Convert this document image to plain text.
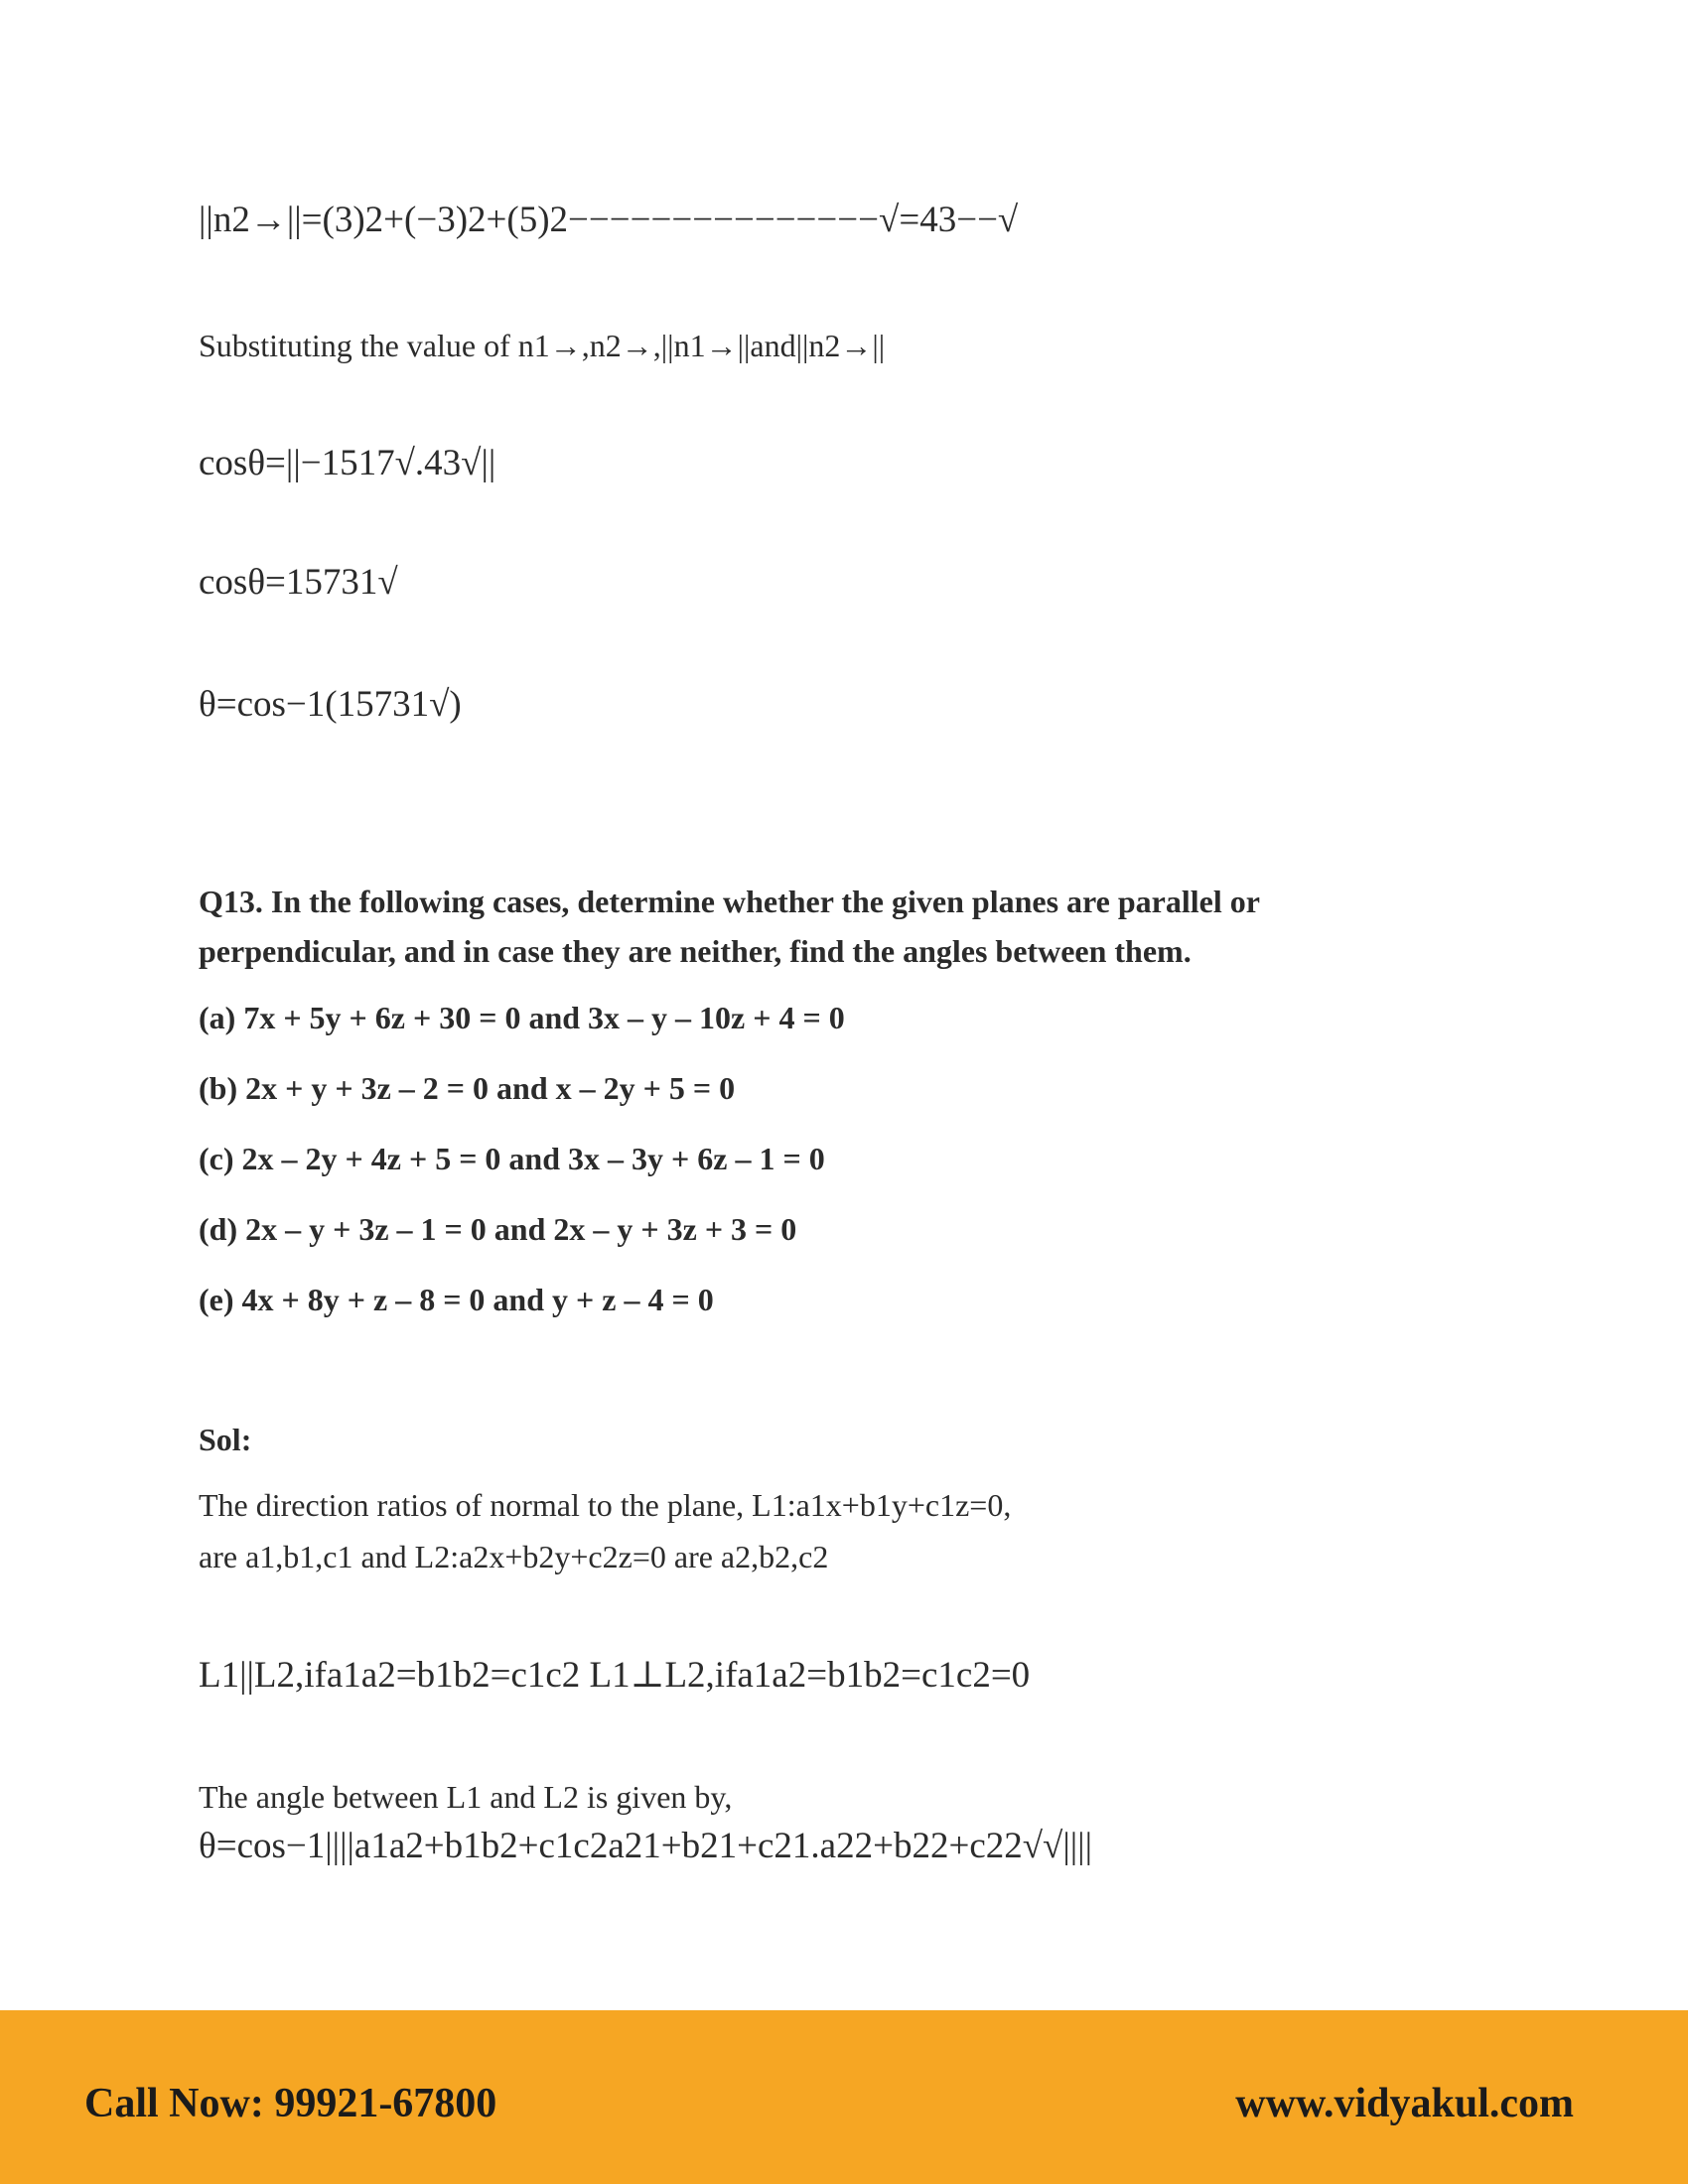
||n2→||=(3)2+(−3)2+(5)2−−−−−−−−−−−−−−−√=43−−√
Substituting the value of n1→,n2→,||n1→||and||n2→||
cosθ=||−1517√.43√||
cosθ=15731√
θ=cos−1(15731√)
Q13. In the following cases, determine whether the given planes are parallel or perpendicular, and in case they are neither, find the angles between them.
(a) 7x + 5y + 6z + 30 = 0 and 3x – y – 10z + 4 = 0
(b) 2x + y + 3z – 2 = 0 and x – 2y + 5 = 0
(c) 2x – 2y + 4z + 5 = 0 and 3x – 3y + 6z – 1 = 0
(d) 2x – y + 3z – 1 = 0 and 2x – y + 3z + 3 = 0
(e) 4x + 8y + z – 8 = 0 and y + z – 4 = 0
Sol:
The direction ratios of normal to the plane, L1:a1x+b1y+c1z=0,
are a1,b1,c1 and L2:a2x+b2y+c2z=0 are a2,b2,c2
L1||L2,ifa1a2=b1b2=c1c2 L1⊥L2,ifa1a2=b1b2=c1c2=0
The angle between L1 and L2 is given by,
θ=cos−1||||a1a2+b1b2+c1c2a21+b21+c21.a22+b22+c22√√||||
Call Now: 99921-67800	www.vidyakul.com
